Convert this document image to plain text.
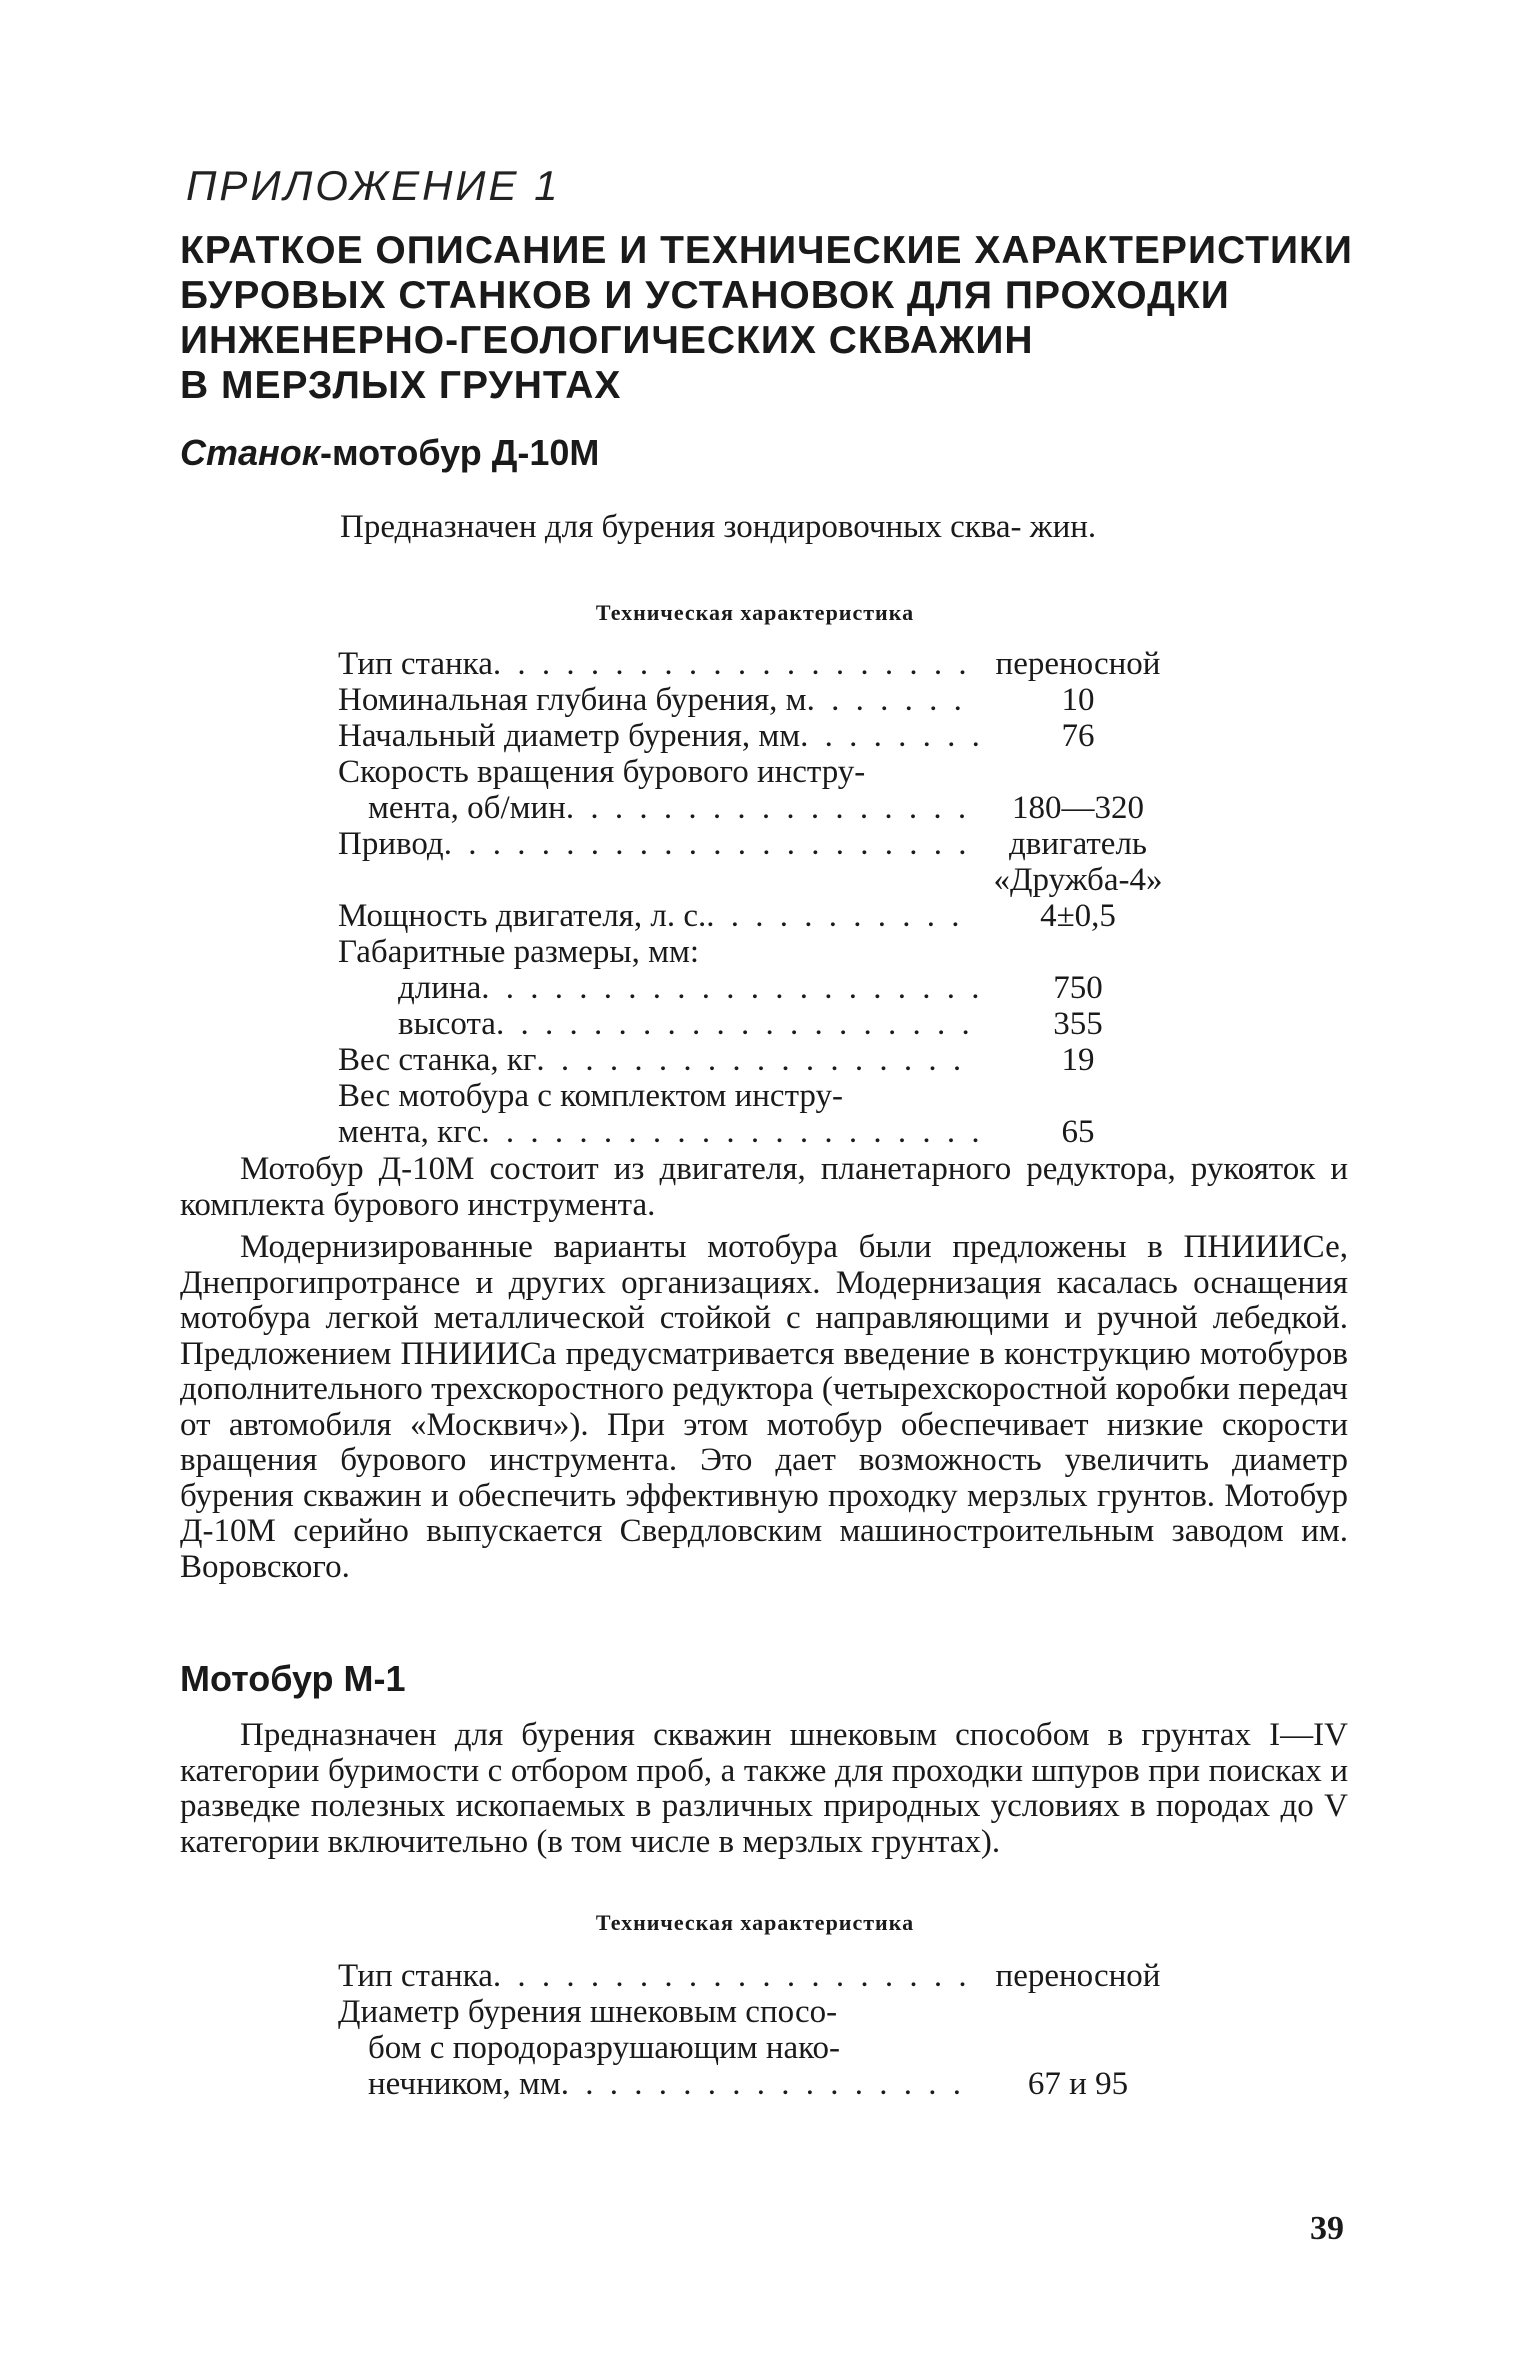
ПРИЛОЖЕНИЕ 1
КРАТКОЕ ОПИСАНИЕ И ТЕХНИЧЕСКИЕ ХАРАКТЕРИСТИКИ
БУРОВЫХ СТАНКОВ И УСТАНОВОК ДЛЯ ПРОХОДКИ
ИНЖЕНЕРНО-ГЕОЛОГИЧЕСКИХ СКВАЖИН
В МЕРЗЛЫХ ГРУНТАХ
Станок-мотобур Д-10М
Предназначен для бурения зондировочных сква- жин.
Техническая характеристика
Тип станка . . .	переносной
Номинальная глубина бурения, м . . .	10
Начальный диаметр бурения, мм . . .	76
Скорость вращения бурового инстру-
мента, об/мин . . .	180—320
Привод . . .	двигатель
«Дружба-4»
Мощность двигателя, л. с. . . .	4±0,5
Габаритные размеры, мм:
длина . . .	750
высота . . .	355
Вес станка, кг . . .	19
Вес мотобура с комплектом инстру-
мента, кгс . . .	65
Мотобур Д-10М состоит из двигателя, планетарного редуктора, рукояток и комплекта бурового инструмента.
Модернизированные варианты мотобура были предложены в ПНИИИСе, Днепрогипротрансе и других организациях. Модернизация касалась оснащения мотобура легкой металлической стойкой с направляющими и ручной лебедкой. Предложением ПНИИИСа предусматривается введение в конструкцию мотобуров дополнительного трехскоростного редуктора (четырехскоростной коробки передач от автомобиля «Москвич»). При этом мотобур обеспечивает низкие скорости вращения бурового инструмента. Это дает возможность увеличить диаметр бурения скважин и обеспечить эффективную проходку мерзлых грунтов. Мотобур Д-10М серийно выпускается Свердловским машиностроительным заводом им. Воровского.
Мотобур М-1
Предназначен для бурения скважин шнековым способом в грунтах I—IV категории буримости с отбором проб, а также для проходки шпуров при поисках и разведке полезных ископаемых в различных природных условиях в породах до V категории включительно (в том числе в мерзлых грунтах).
Техническая характеристика
Тип станка . . .	переносной
Диаметр бурения шнековым спосо-
бом с породоразрушающим нако-
нечником, мм . . .	67 и 95
39
